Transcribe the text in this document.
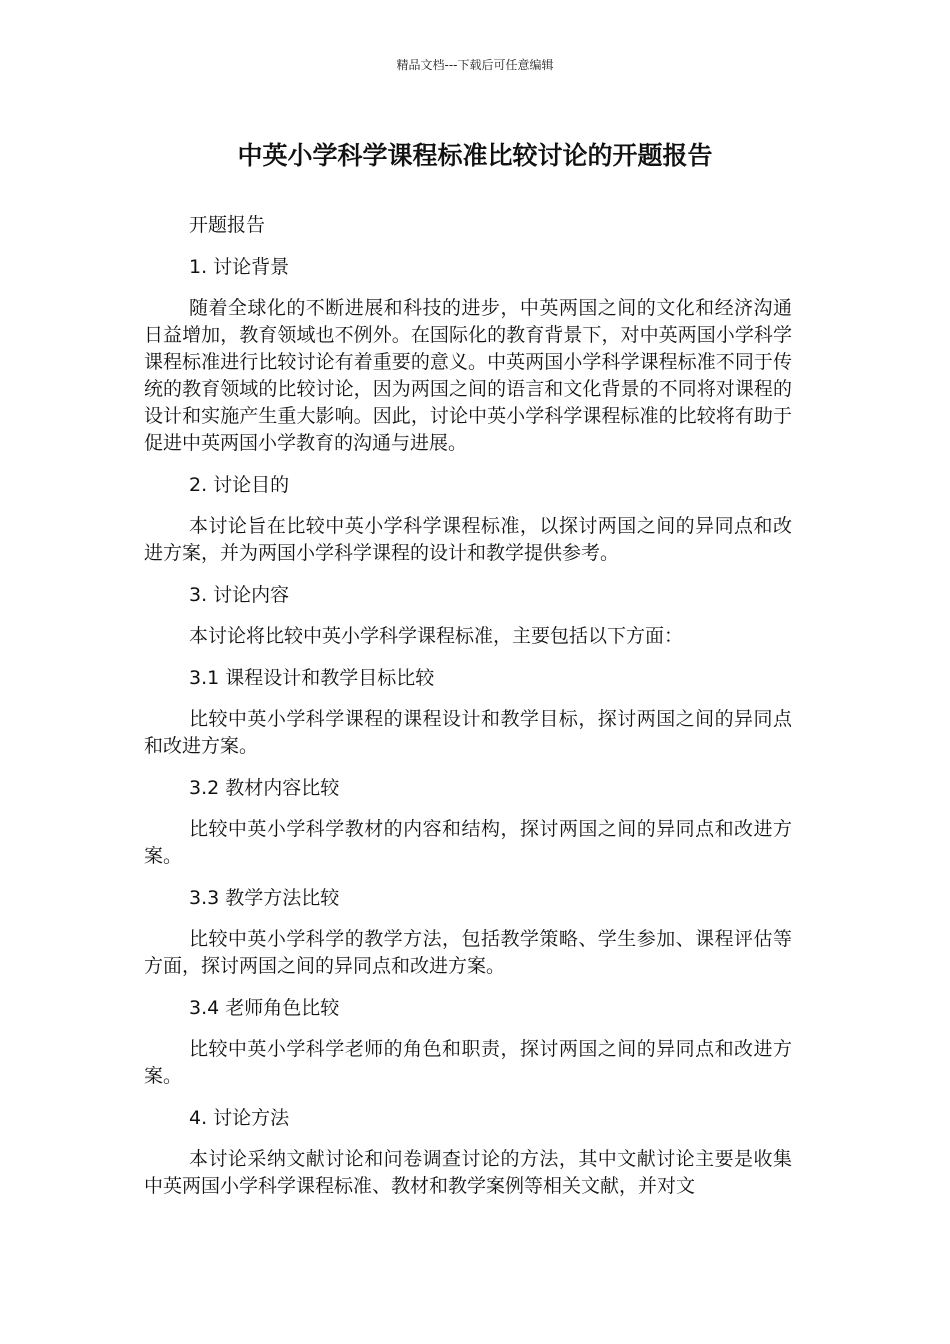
精品文档---下载后可任意编辑
中英小学科学课程标准比较讨论的开题报告

开题报告

1. 讨论背景

随着全球化的不断进展和科技的进步，中英两国之间的文化和经济沟通日益增加，教育领域也不例外。在国际化的教育背景下，对中英两国小学科学课程标准进行比较讨论有着重要的意义。中英两国小学科学课程标准不同于传统的教育领域的比较讨论，因为两国之间的语言和文化背景的不同将对课程的设计和实施产生重大影响。因此，讨论中英小学科学课程标准的比较将有助于促进中英两国小学教育的沟通与进展。

2. 讨论目的

本讨论旨在比较中英小学科学课程标准，以探讨两国之间的异同点和改进方案，并为两国小学科学课程的设计和教学提供参考。

3. 讨论内容

本讨论将比较中英小学科学课程标准，主要包括以下方面：

3.1 课程设计和教学目标比较

比较中英小学科学课程的课程设计和教学目标，探讨两国之间的异同点和改进方案。

3.2 教材内容比较

比较中英小学科学教材的内容和结构，探讨两国之间的异同点和改进方案。

3.3 教学方法比较

比较中英小学科学的教学方法，包括教学策略、学生参加、课程评估等方面，探讨两国之间的异同点和改进方案。

3.4 老师角色比较

比较中英小学科学老师的角色和职责，探讨两国之间的异同点和改进方案。

4. 讨论方法

本讨论采纳文献讨论和问卷调查讨论的方法，其中文献讨论主要是收集中英两国小学科学课程标准、教材和教学案例等相关文献，并对文
